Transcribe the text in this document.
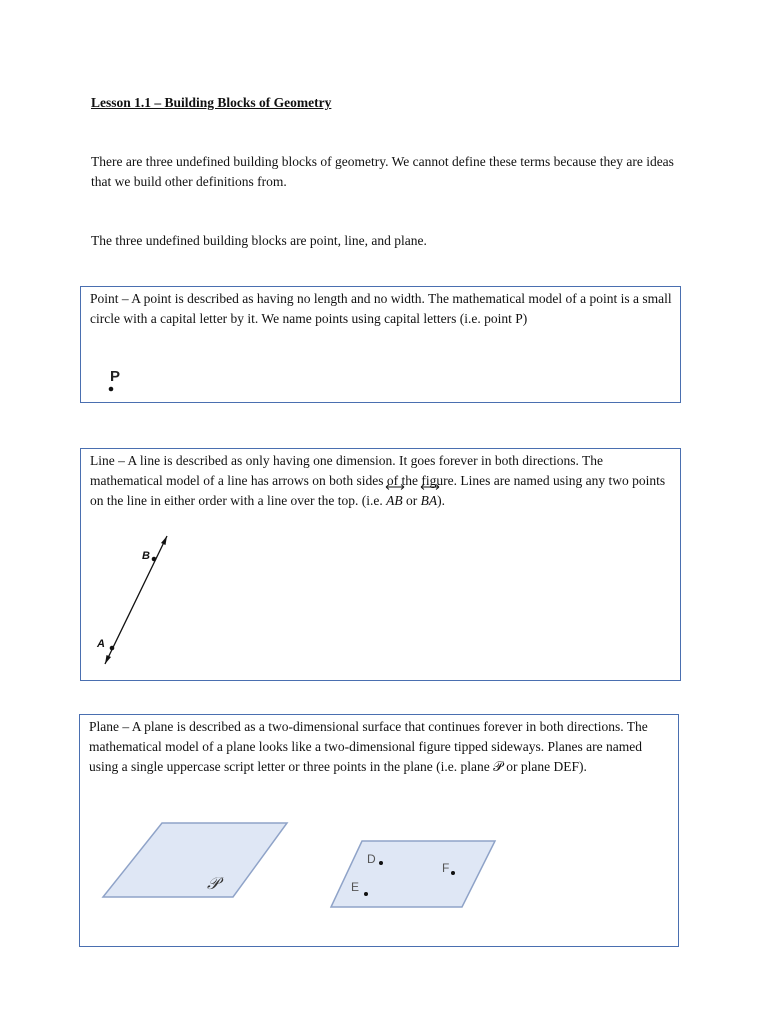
Lesson 1.1 – Building Blocks of Geometry
There are three undefined building blocks of geometry. We cannot define these terms because they are ideas that we build other definitions from.
The three undefined building blocks are point, line, and plane.
Point – A point is described as having no length and no width. The mathematical model of a point is a small circle with a capital letter by it. We name points using capital letters (i.e. point P)
P
Line – A line is described as only having one dimension. It goes forever in both directions. The mathematical model of a line has arrows on both sides of the figure. Lines are named using any two points on the line in either order with a line over the top. (i.e.
AB or
BA).
B
A
Plane – A plane is described as a two-dimensional surface that continues forever in both directions. The mathematical model of a plane looks like a two-dimensional figure tipped sideways. Planes are named using a single uppercase script letter or three points in the plane (i.e. plane 𝒫 or plane DEF).
𝒫
D
E
F
